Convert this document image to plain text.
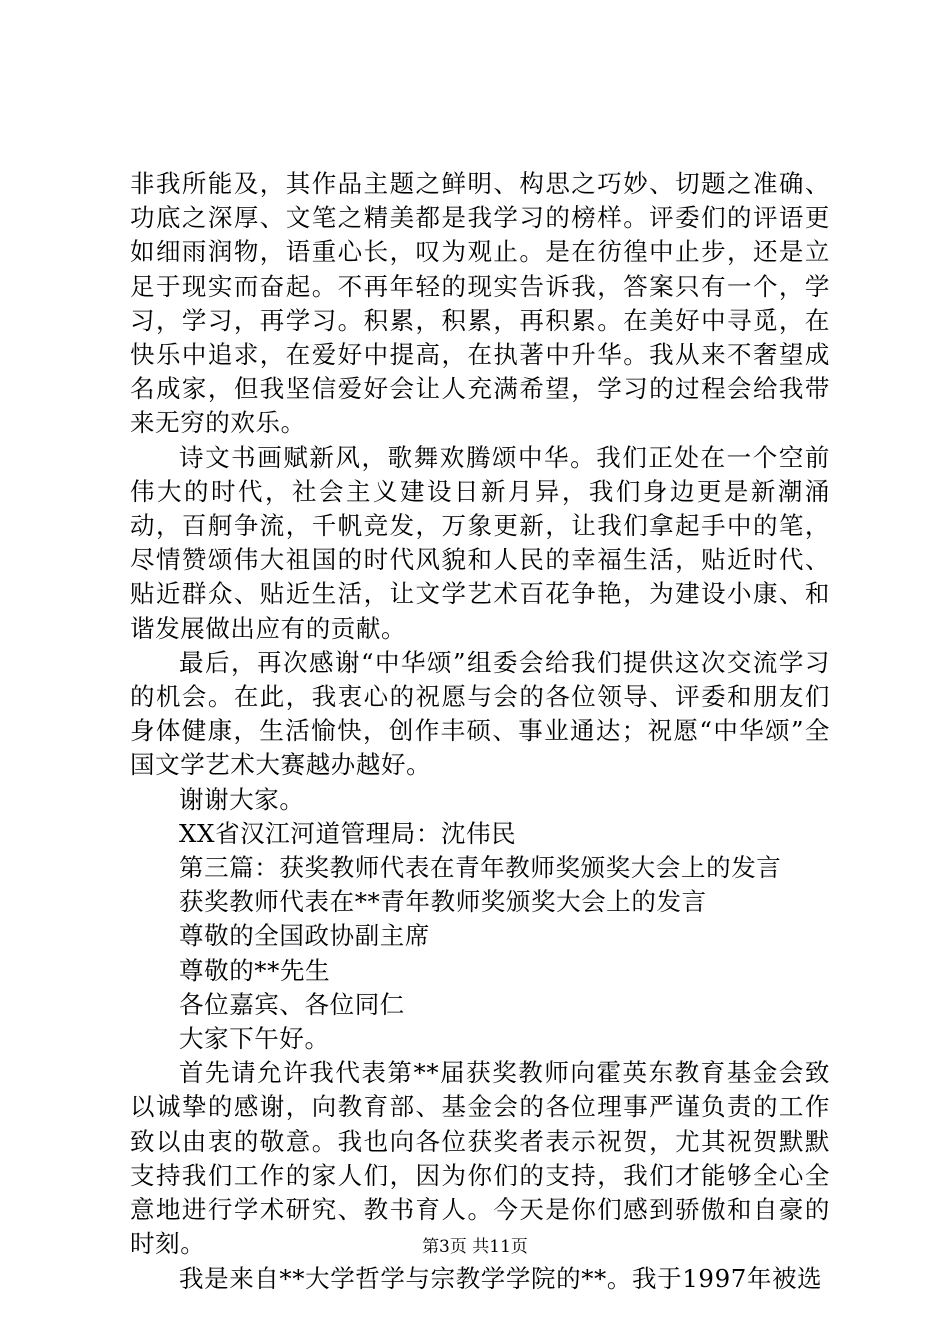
非我所能及，其作品主题之鲜明、构思之巧妙、切题之准确、功底之深厚、文笔之精美都是我学习的榜样。评委们的评语更如细雨润物，语重心长，叹为观止。是在彷徨中止步，还是立足于现实而奋起。不再年轻的现实告诉我，答案只有一个，学习，学习，再学习。积累，积累，再积累。在美好中寻觅，在快乐中追求，在爱好中提高，在执著中升华。我从来不奢望成名成家，但我坚信爱好会让人充满希望，学习的过程会给我带来无穷的欢乐。

诗文书画赋新风，歌舞欢腾颂中华。我们正处在一个空前伟大的时代，社会主义建设日新月异，我们身边更是新潮涌动，百舸争流，千帆竞发，万象更新，让我们拿起手中的笔，尽情赞颂伟大祖国的时代风貌和人民的幸福生活，贴近时代、贴近群众、贴近生活，让文学艺术百花争艳，为建设小康、和谐发展做出应有的贡献。

最后，再次感谢“中华颂”组委会给我们提供这次交流学习的机会。在此，我衷心的祝愿与会的各位领导、评委和朋友们身体健康，生活愉快，创作丰硕、事业通达；祝愿“中华颂”全国文学艺术大赛越办越好。

谢谢大家。

XX省汉江河道管理局：沈伟民

第三篇：获奖教师代表在青年教师奖颁奖大会上的发言

获奖教师代表在**青年教师奖颁奖大会上的发言

尊敬的全国政协副主席

尊敬的**先生

各位嘉宾、各位同仁

大家下午好。

首先请允许我代表第**届获奖教师向霍英东教育基金会致以诚挚的感谢，向教育部、基金会的各位理事严谨负责的工作致以由衷的敬意。我也向各位获奖者表示祝贺，尤其祝贺默默支持我们工作的家人们，因为你们的支持，我们才能够全心全意地进行学术研究、教书育人。今天是你们感到骄傲和自豪的时刻。

我是来自**大学哲学与宗教学学院的**。我于1997年被选

第3页 共11页
